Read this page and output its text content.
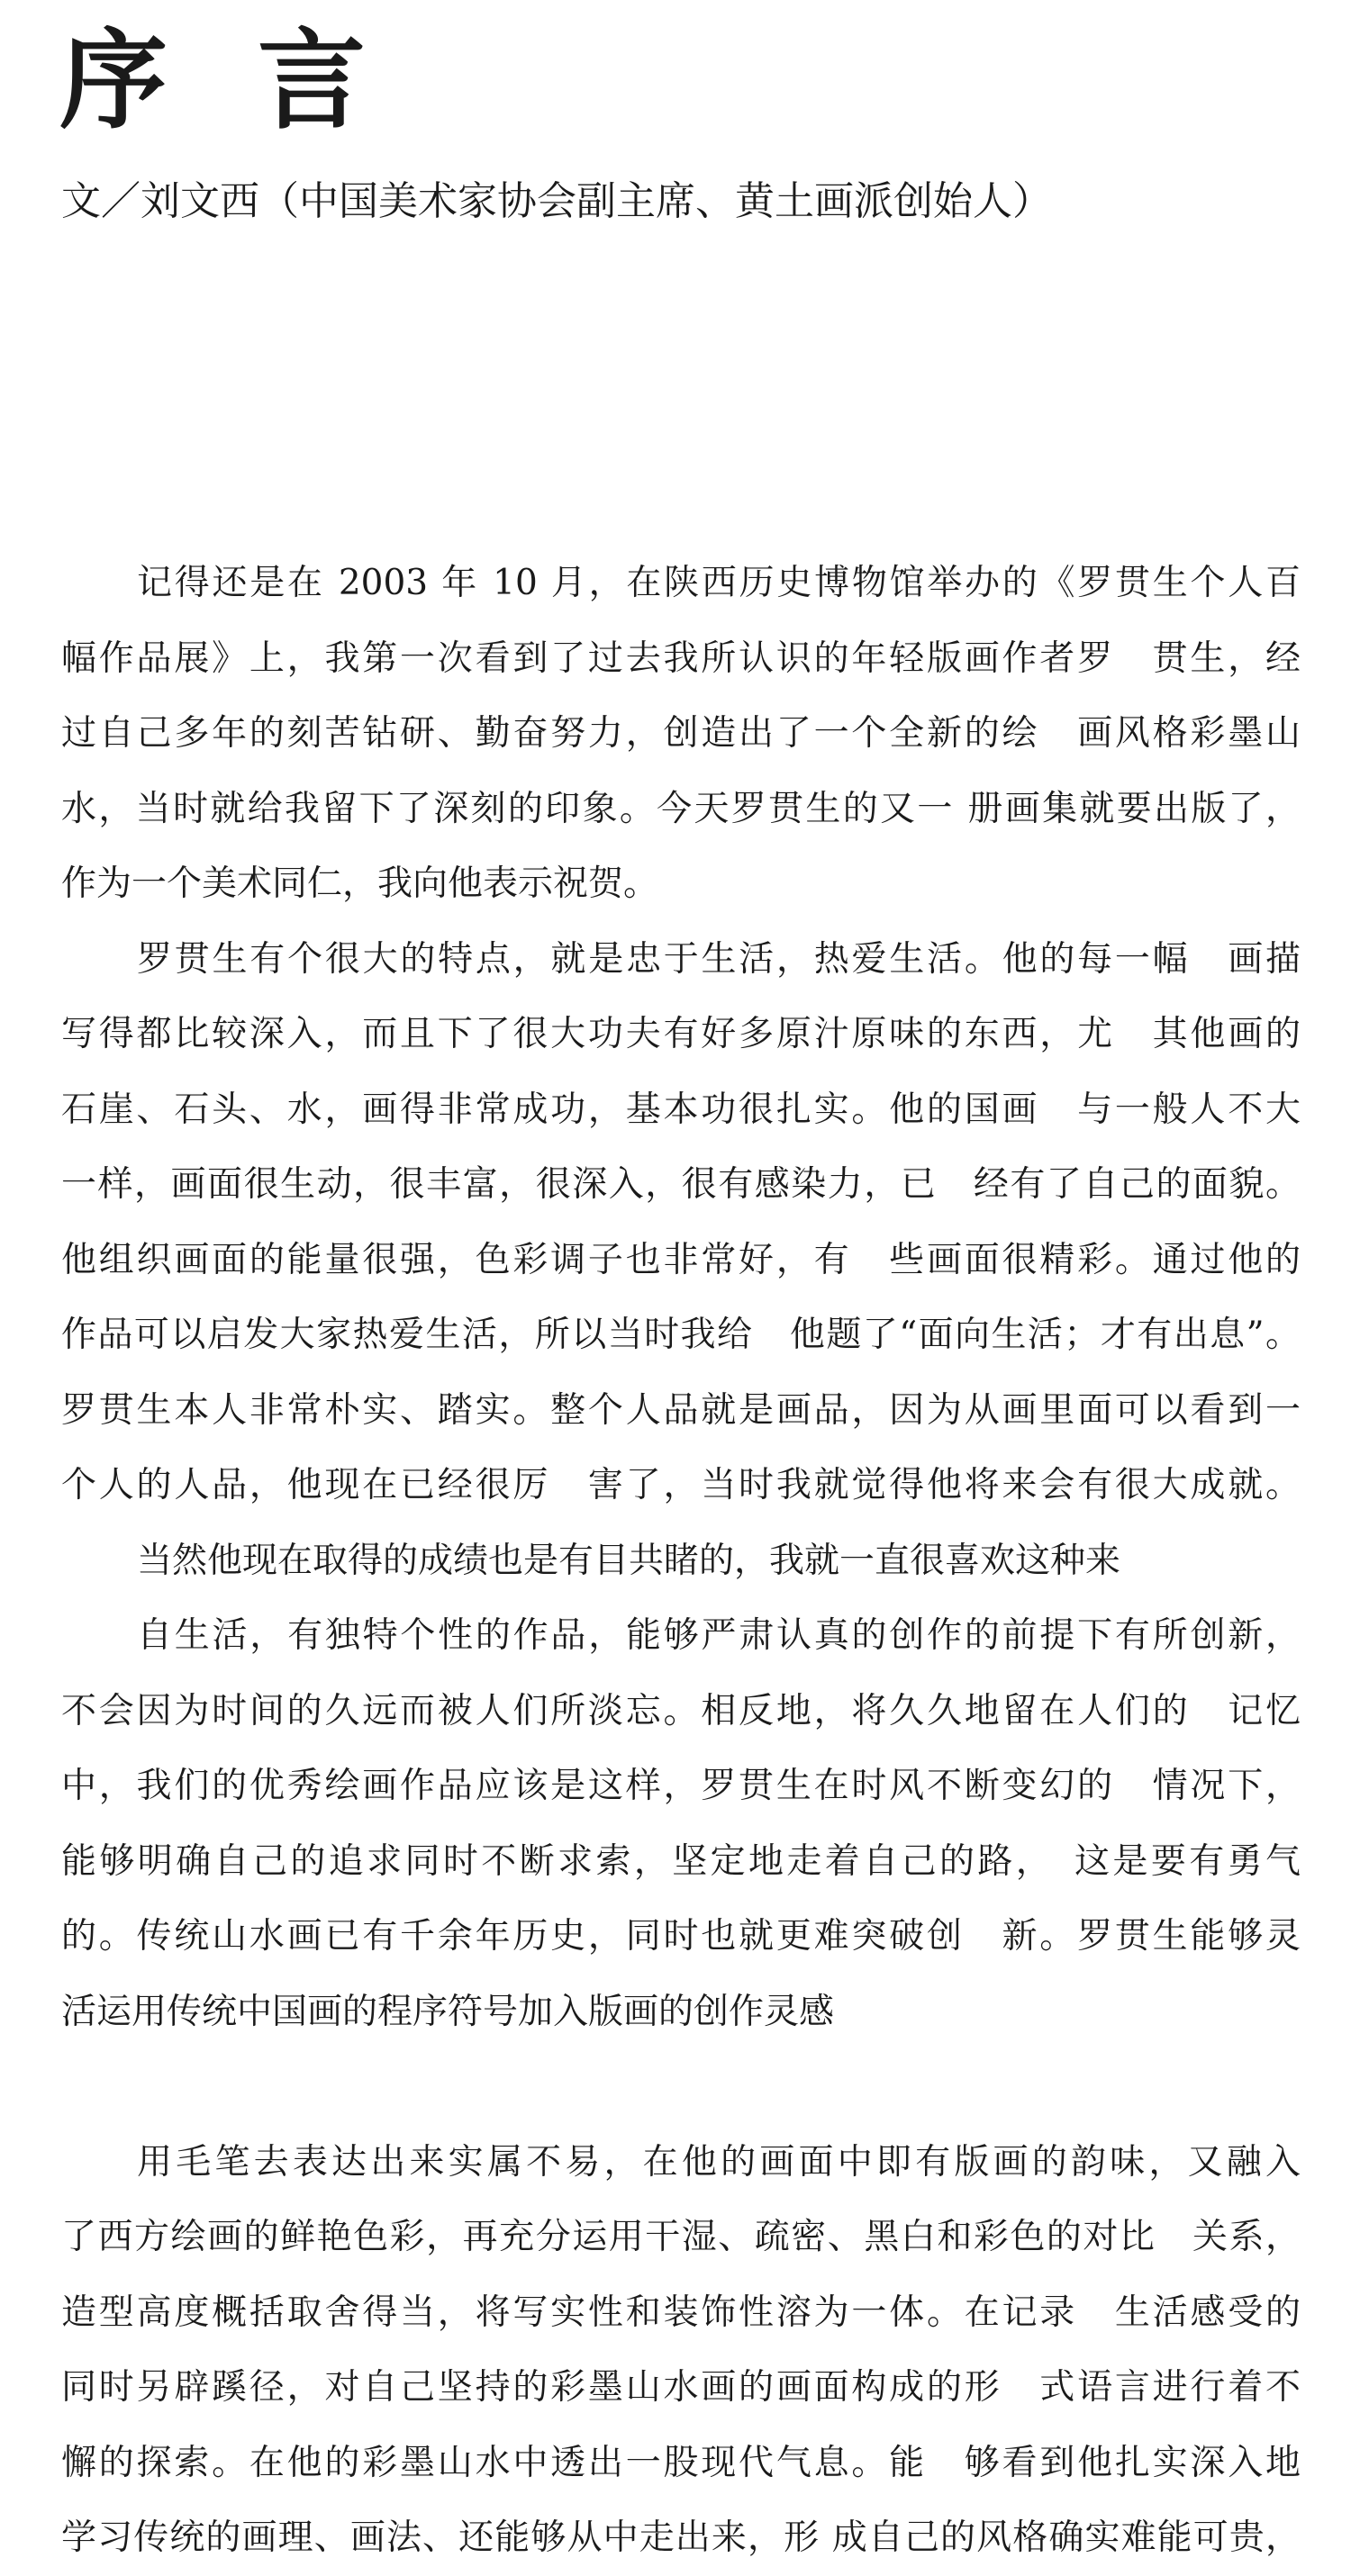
序言
文／刘文西（中国美术家协会副主席、黄土画派创始人）
记得还是在 2003 年 10 月，在陕西历史博物馆举办的《罗贯生个人百
幅作品展》上，我第一次看到了过去我所认识的年轻版画作者罗　贯生，经
过自己多年的刻苦钻研、勤奋努力，创造出了一个全新的绘　画风格彩墨山
水，当时就给我留下了深刻的印象。今天罗贯生的又一 册画集就要出版了，
作为一个美术同仁，我向他表示祝贺。
罗贯生有个很大的特点，就是忠于生活，热爱生活。他的每一幅　画描
写得都比较深入，而且下了很大功夫有好多原汁原味的东西，尤　其他画的
石崖、石头、水，画得非常成功，基本功很扎实。他的国画　与一般人不大
一样，画面很生动，很丰富，很深入，很有感染力，已　经有了自己的面貌。
他组织画面的能量很强，色彩调子也非常好，有　些画面很精彩。通过他的
作品可以启发大家热爱生活，所以当时我给　他题了“面向生活；才有出息”。
罗贯生本人非常朴实、踏实。整个人品就是画品，因为从画里面可以看到一
个人的人品，他现在已经很厉　害了，当时我就觉得他将来会有很大成就。
当然他现在取得的成绩也是有目共睹的，我就一直很喜欢这种来
自生活，有独特个性的作品，能够严肃认真的创作的前提下有所创新，
不会因为时间的久远而被人们所淡忘。相反地，将久久地留在人们的　记忆
中，我们的优秀绘画作品应该是这样，罗贯生在时风不断变幻的　情况下，
能够明确自己的追求同时不断求索，坚定地走着自己的路，　这是要有勇气
的。传统山水画已有千余年历史，同时也就更难突破创　新。罗贯生能够灵
活运用传统中国画的程序符号加入版画的创作灵感
用毛笔去表达出来实属不易，在他的画面中即有版画的韵味，又融入
了西方绘画的鲜艳色彩，再充分运用干湿、疏密、黑白和彩色的对比　关系，
造型高度概括取舍得当，将写实性和装饰性溶为一体。在记录　生活感受的
同时另辟蹊径，对自己坚持的彩墨山水画的画面构成的形　式语言进行着不
懈的探索。在他的彩墨山水中透出一股现代气息。能　够看到他扎实深入地
学习传统的画理、画法、还能够从中走出来，形 成自己的风格确实难能可贵，
